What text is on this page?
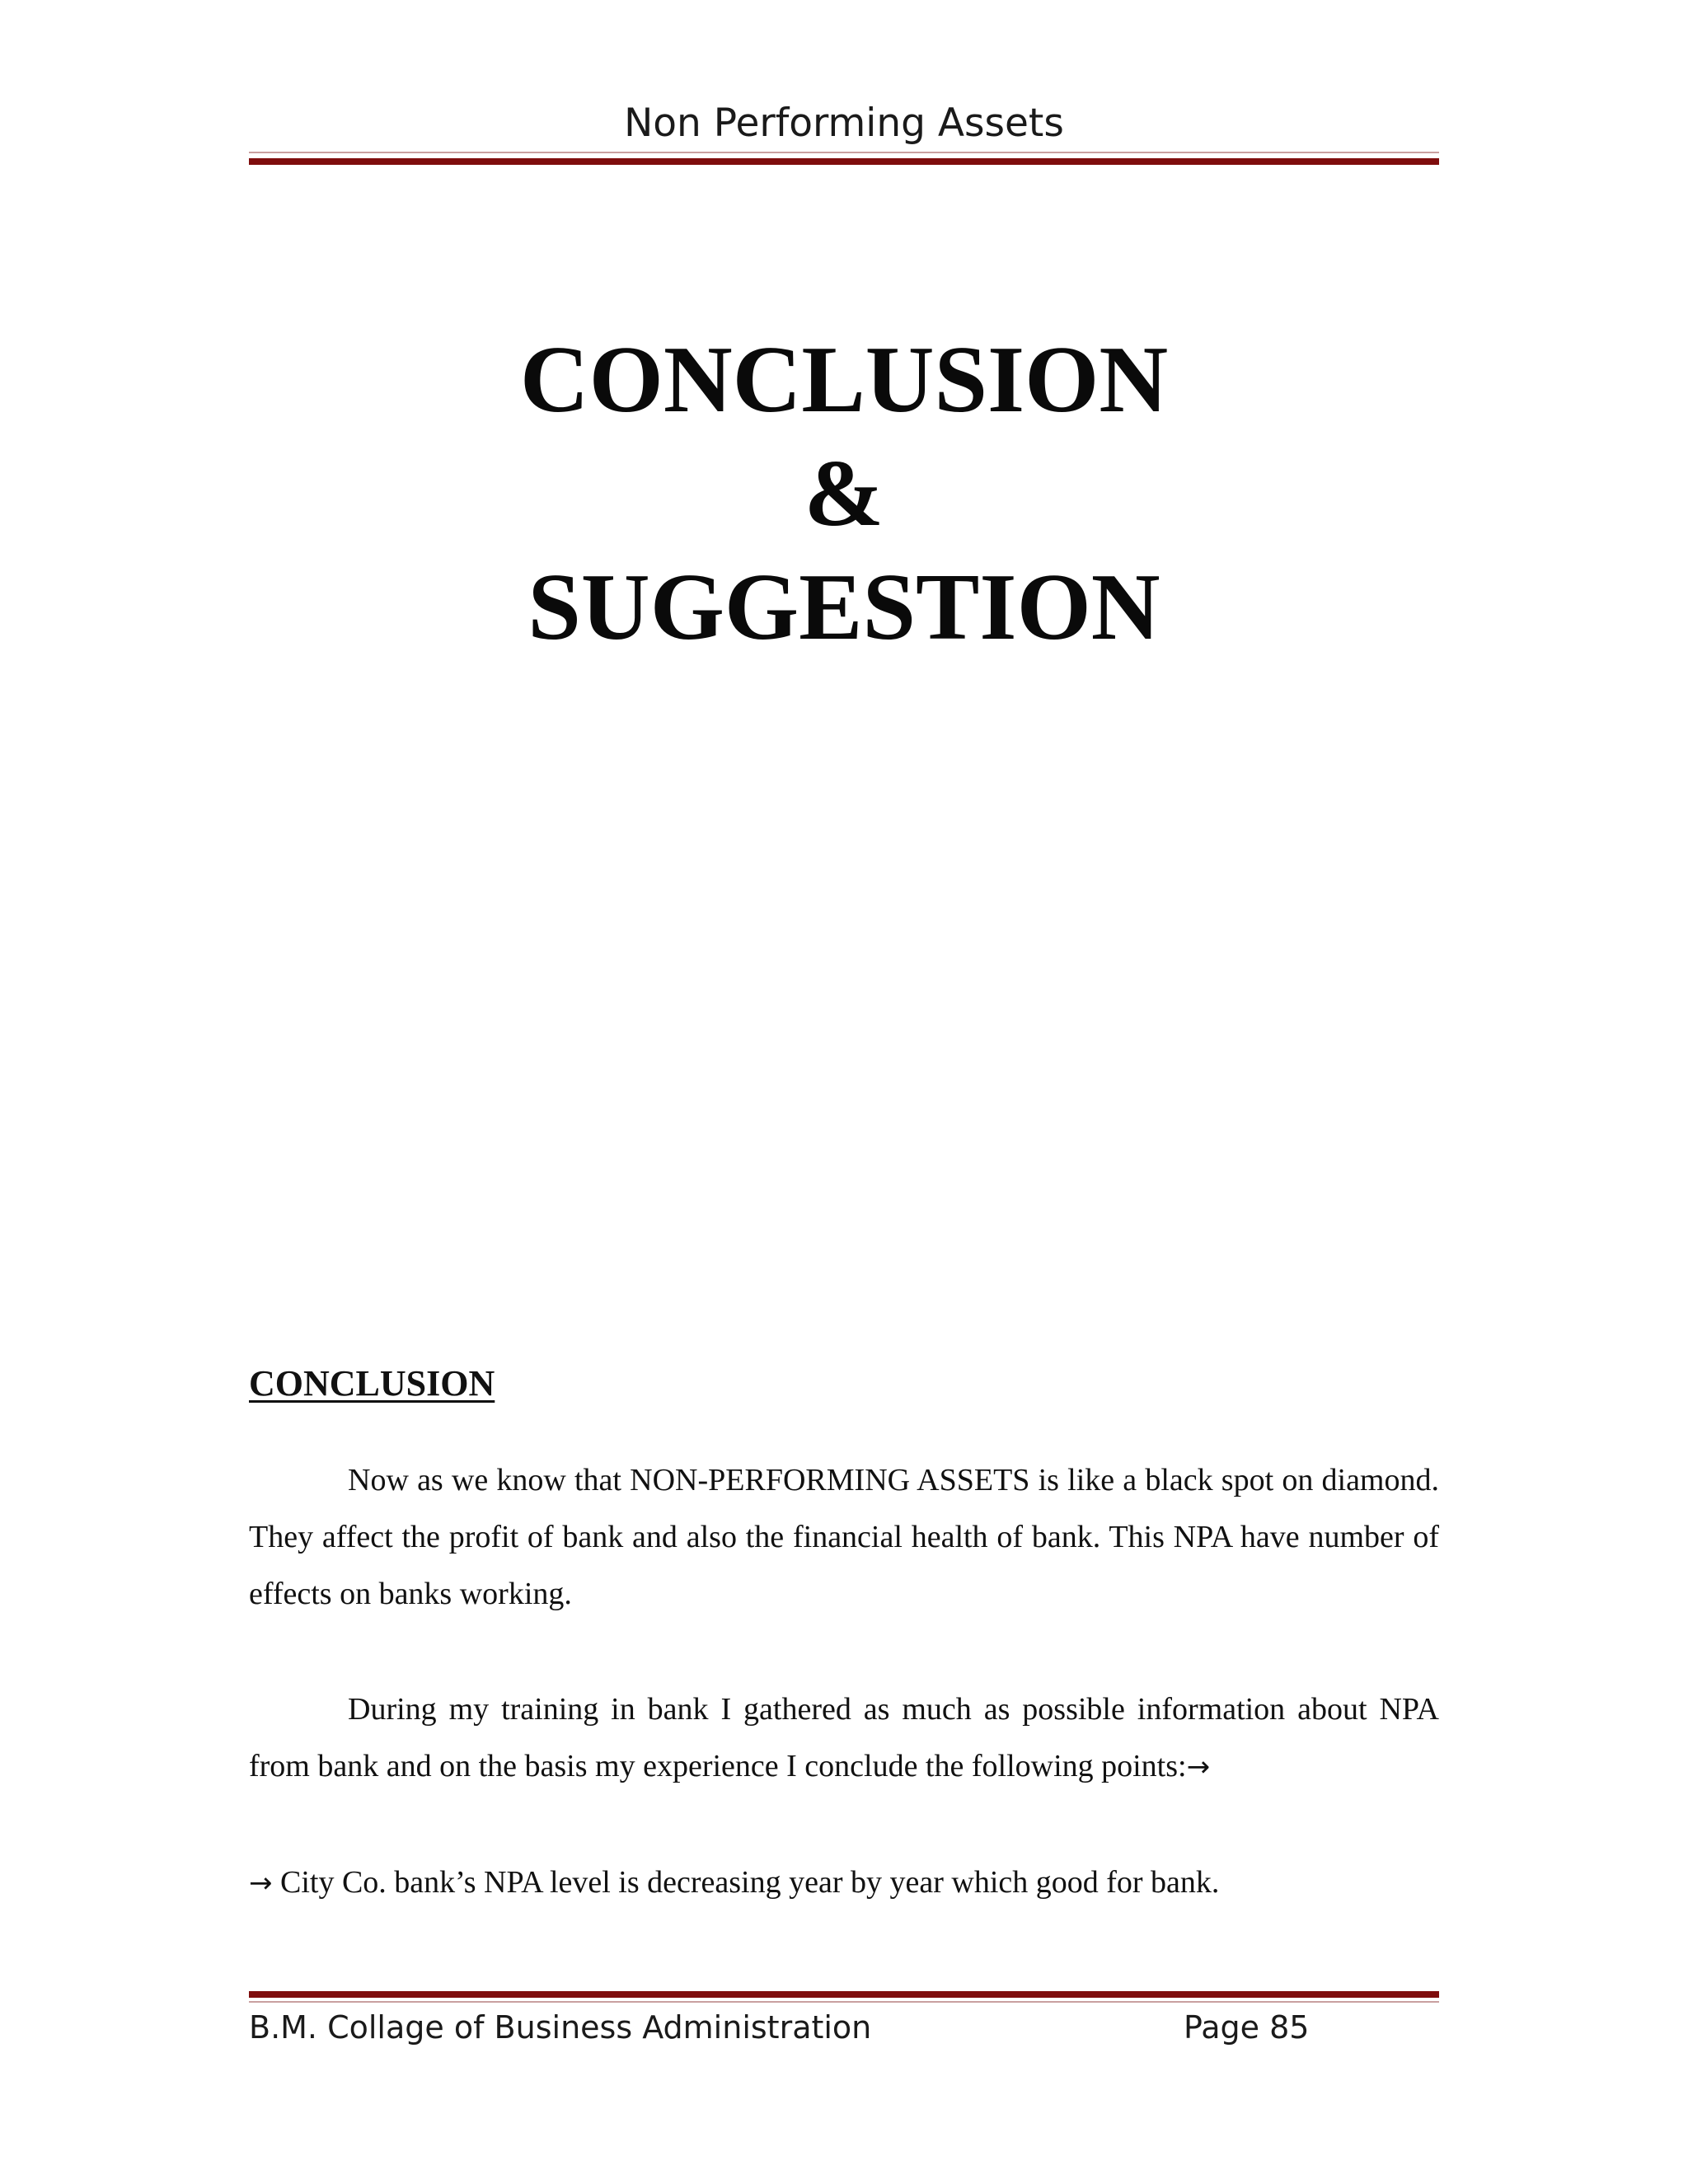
Non Performing Assets
CONCLUSION
&
SUGGESTION
CONCLUSION
Now as we know that NON-PERFORMING ASSETS is like a black spot on diamond. They affect the profit of bank and also the financial health of bank. This NPA have number of effects on banks working.
During my training in bank I gathered as much as possible information about NPA from bank and on the basis my experience I conclude the following points:→
→ City Co. bank’s NPA level is decreasing year by year which good for bank.
B.M. Collage of Business Administration	Page 85
